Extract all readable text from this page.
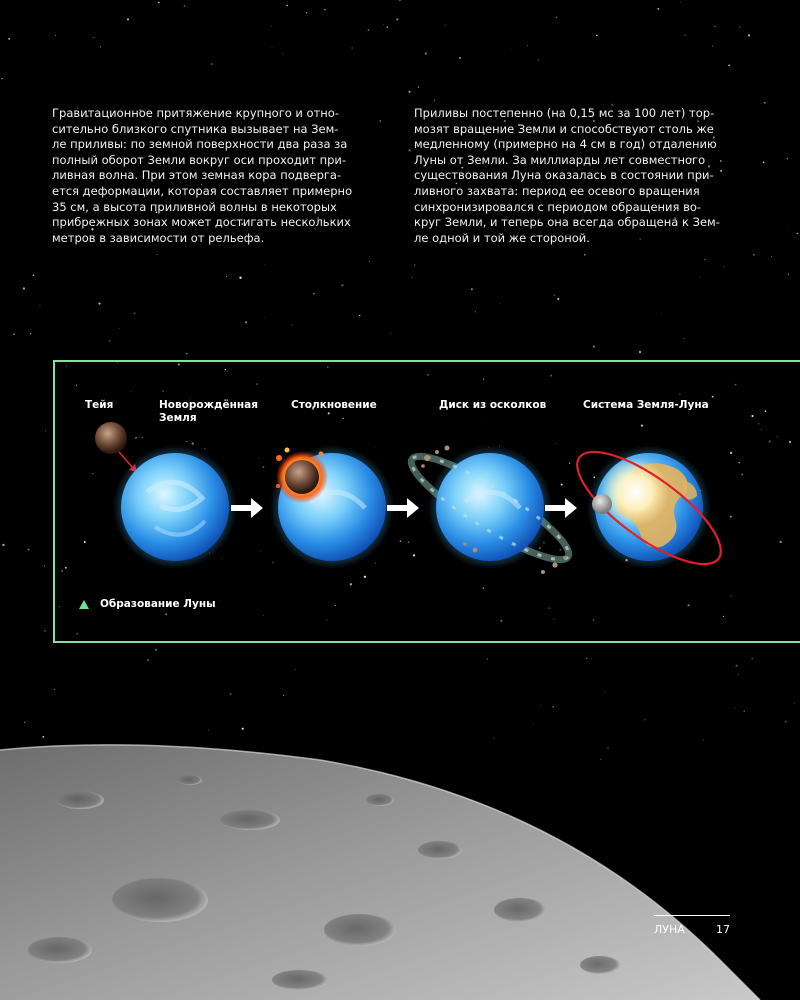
Гравитационное притяжение крупного и отно-
сительно близкого спутника вызывает на Зем-
ле приливы: по земной поверхности два раза за
полный оборот Земли вокруг оси проходит при-
ливная волна. При этом земная кора подверга-
ется деформации, которая составляет примерно
35 см, а высота приливной волны в некоторых
прибрежных зонах может достигать нескольких
метров в зависимости от рельефа.

Приливы постепенно (на 0,15 мс за 100 лет) тор-
мозят вращение Земли и способствуют столь же
медленному (примерно на 4 см в год) отдалению
Луны от Земли. За миллиарды лет совместного
существования Луна оказалась в состоянии при-
ливного захвата: период ее осевого вращения
синхронизировался с периодом обращения во-
круг Земли, и теперь она всегда обращена к Зем-
ле одной и той же стороной.

Тейя	Новорождённая
Земля
Столкновение	Диск из осколков	Система Земля-Луна
Образование Луны
ЛУНА	17
